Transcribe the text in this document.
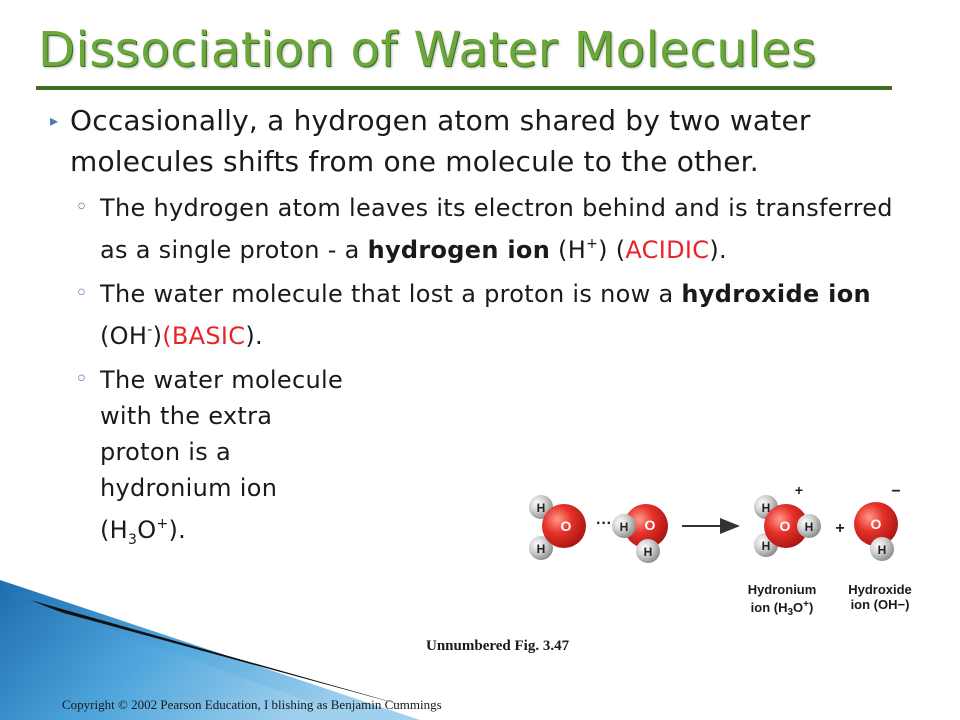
Dissociation of Water Molecules
▸ Occasionally, a hydrogen atom shared by two water molecules shifts from one molecule to the other.
◦ The hydrogen atom leaves its electron behind and is transferred as a single proton - a hydrogen ion (H+) (ACIDIC).
◦ The water molecule that lost a proton is now a hydroxide ion (OH-)(BASIC).
◦ The water molecule with the extra proton is a hydronium ion $(H_3O^+)$.
H
H
O ··· H
H
O
H
H
O H
+
+ O
H
−
Hydronium
ion $(H_3O^+)$
Hydroxide
ion (OH−)
Unnumbered Fig. 3.47
Copyright © 2002 Pearson Education, I blishing as Benjamin Cummings
